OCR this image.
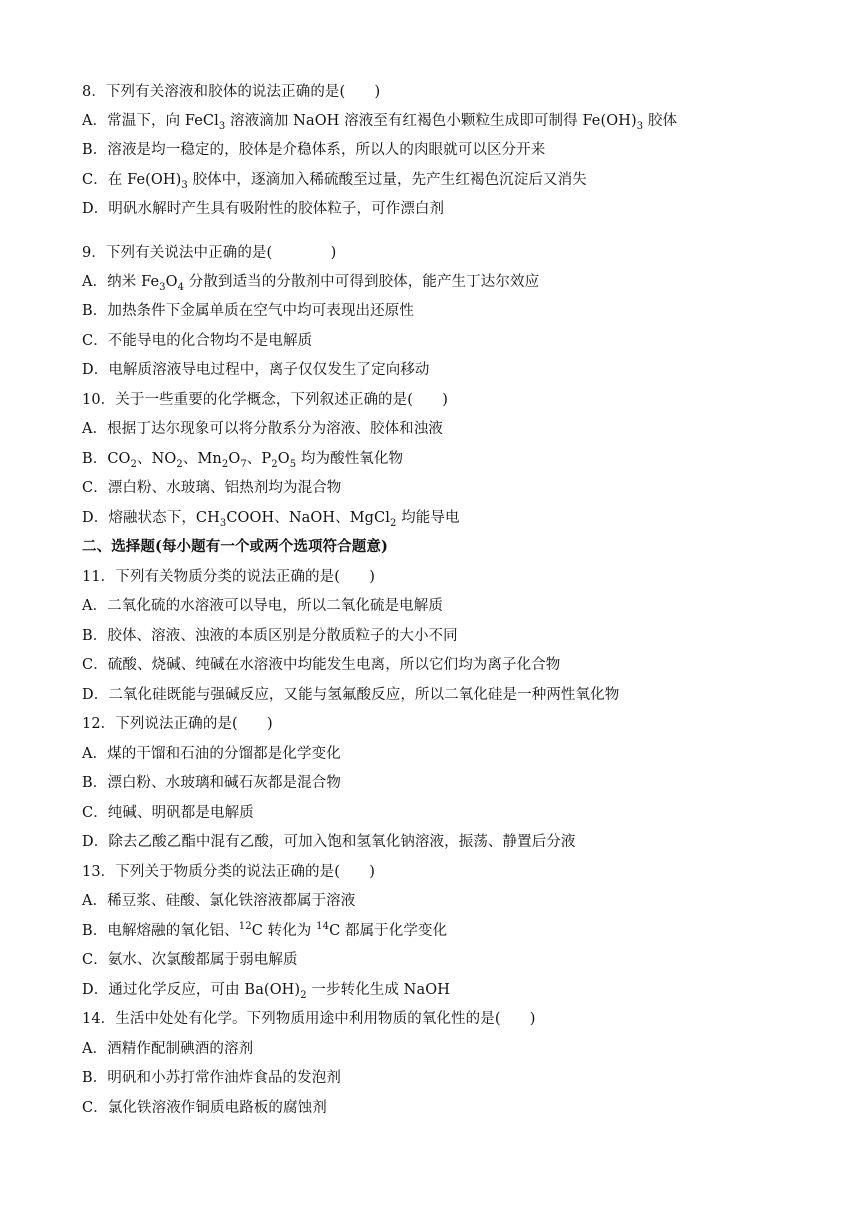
8．下列有关溶液和胶体的说法正确的是(　　)
A．常温下，向 FeCl$_3$ 溶液滴加 NaOH 溶液至有红褐色小颗粒生成即可制得 $Fe(OH)_3$ 胶体
B．溶液是均一稳定的，胶体是介稳体系，所以人的肉眼就可以区分开来
C．在 $Fe(OH)_3$ 胶体中，逐滴加入稀硫酸至过量，先产生红褐色沉淀后又消失
D．明矾水解时产生具有吸附性的胶体粒子，可作漂白剂
9．下列有关说法中正确的是(　　　　)
A．纳米 $Fe_3O_4$ 分散到适当的分散剂中可得到胶体，能产生丁达尔效应
B．加热条件下金属单质在空气中均可表现出还原性
C．不能导电的化合物均不是电解质
D．电解质溶液导电过程中，离子仅仅发生了定向移动
10．关于一些重要的化学概念，下列叙述正确的是(　　)
A．根据丁达尔现象可以将分散系分为溶液、胶体和浊液
B．$CO_2$、$NO_2$、$Mn_2O_7$、$P_2O_5$ 均为酸性氧化物
C．漂白粉、水玻璃、铝热剂均为混合物
D．熔融状态下，$CH_3COOH$、NaOH、MgCl$_2$ 均能导电
二、选择题(每小题有一个或两个选项符合题意)
11．下列有关物质分类的说法正确的是(　　)
A．二氧化硫的水溶液可以导电，所以二氧化硫是电解质
B．胶体、溶液、浊液的本质区别是分散质粒子的大小不同
C．硫酸、烧碱、纯碱在水溶液中均能发生电离，所以它们均为离子化合物
D．二氧化硅既能与强碱反应，又能与氢氟酸反应，所以二氧化硅是一种两性氧化物
12．下列说法正确的是(　　)
A．煤的干馏和石油的分馏都是化学变化
B．漂白粉、水玻璃和碱石灰都是混合物
C．纯碱、明矾都是电解质
D．除去乙酸乙酯中混有乙酸，可加入饱和氢氧化钠溶液，振荡、静置后分液
13．下列关于物质分类的说法正确的是(　　)
A．稀豆浆、硅酸、氯化铁溶液都属于溶液
B．电解熔融的氧化铝、$^{12}$C 转化为 $^{14}$C 都属于化学变化
C．氨水、次氯酸都属于弱电解质
D．通过化学反应，可由 $Ba(OH)_2$ 一步转化生成 NaOH
14．生活中处处有化学。下列物质用途中利用物质的氧化性的是(　　)
A．酒精作配制碘酒的溶剂
B．明矾和小苏打常作油炸食品的发泡剂
C．氯化铁溶液作铜质电路板的腐蚀剂
